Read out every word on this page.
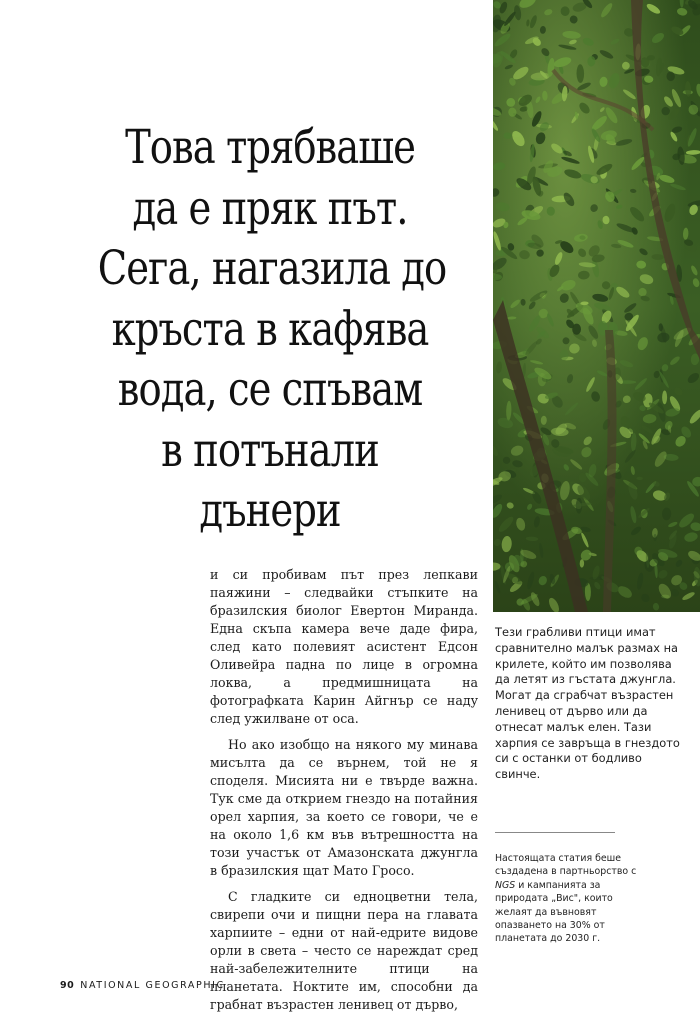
Това трябваше
да е пряк път.
Сега, нагазила до
кръста в кафява
вода, се спъвам
в потънали
дънери

и си пробивам път през лепкави паяжини – следвайки стъпките на бразилския биолог Евертон Миранда. Една скъпа камера вече даде фира, след като полевият асистент Едсон Оливейра падна по лице в огромна локва, а предмишницата на фотографката Карин Айгнър се наду след ужилване от оса.

Но ако изобщо на някого му минава мисълта да се върнем, той не я споделя. Мисията ни е твърде важна. Тук сме да открием гнездо на потайния орел харпия, за което се говори, че е на около 1,6 км във вътрешността на този участък от Амазонската джунгла в бразилския щат Мато Гросо.

С гладките си едноцветни тела, свирепи очи и пищни пера на главата харпиите – едни от най-едрите видове орли в света – често се нареждат сред най-забележителните птици на планетата. Ноктите им, способни да грабнат възрастен ленивец от дърво,

Тези грабливи птици имат сравнително малък размах на крилете, който им позволява да летят из гъстата джунгла. Могат да сграбчат възрастен ленивец от дърво или да отнесат малък елен. Тази харпия се завръща в гнездото си с останки от бодливо свинче.

Настоящата статия беше създадена в партньорство с NGS и кампанията за природата „Виc", които желаят да въвновят опазването на 30% от планетата до 2030 г.

90 NATIONAL GEOGRAPHIC
